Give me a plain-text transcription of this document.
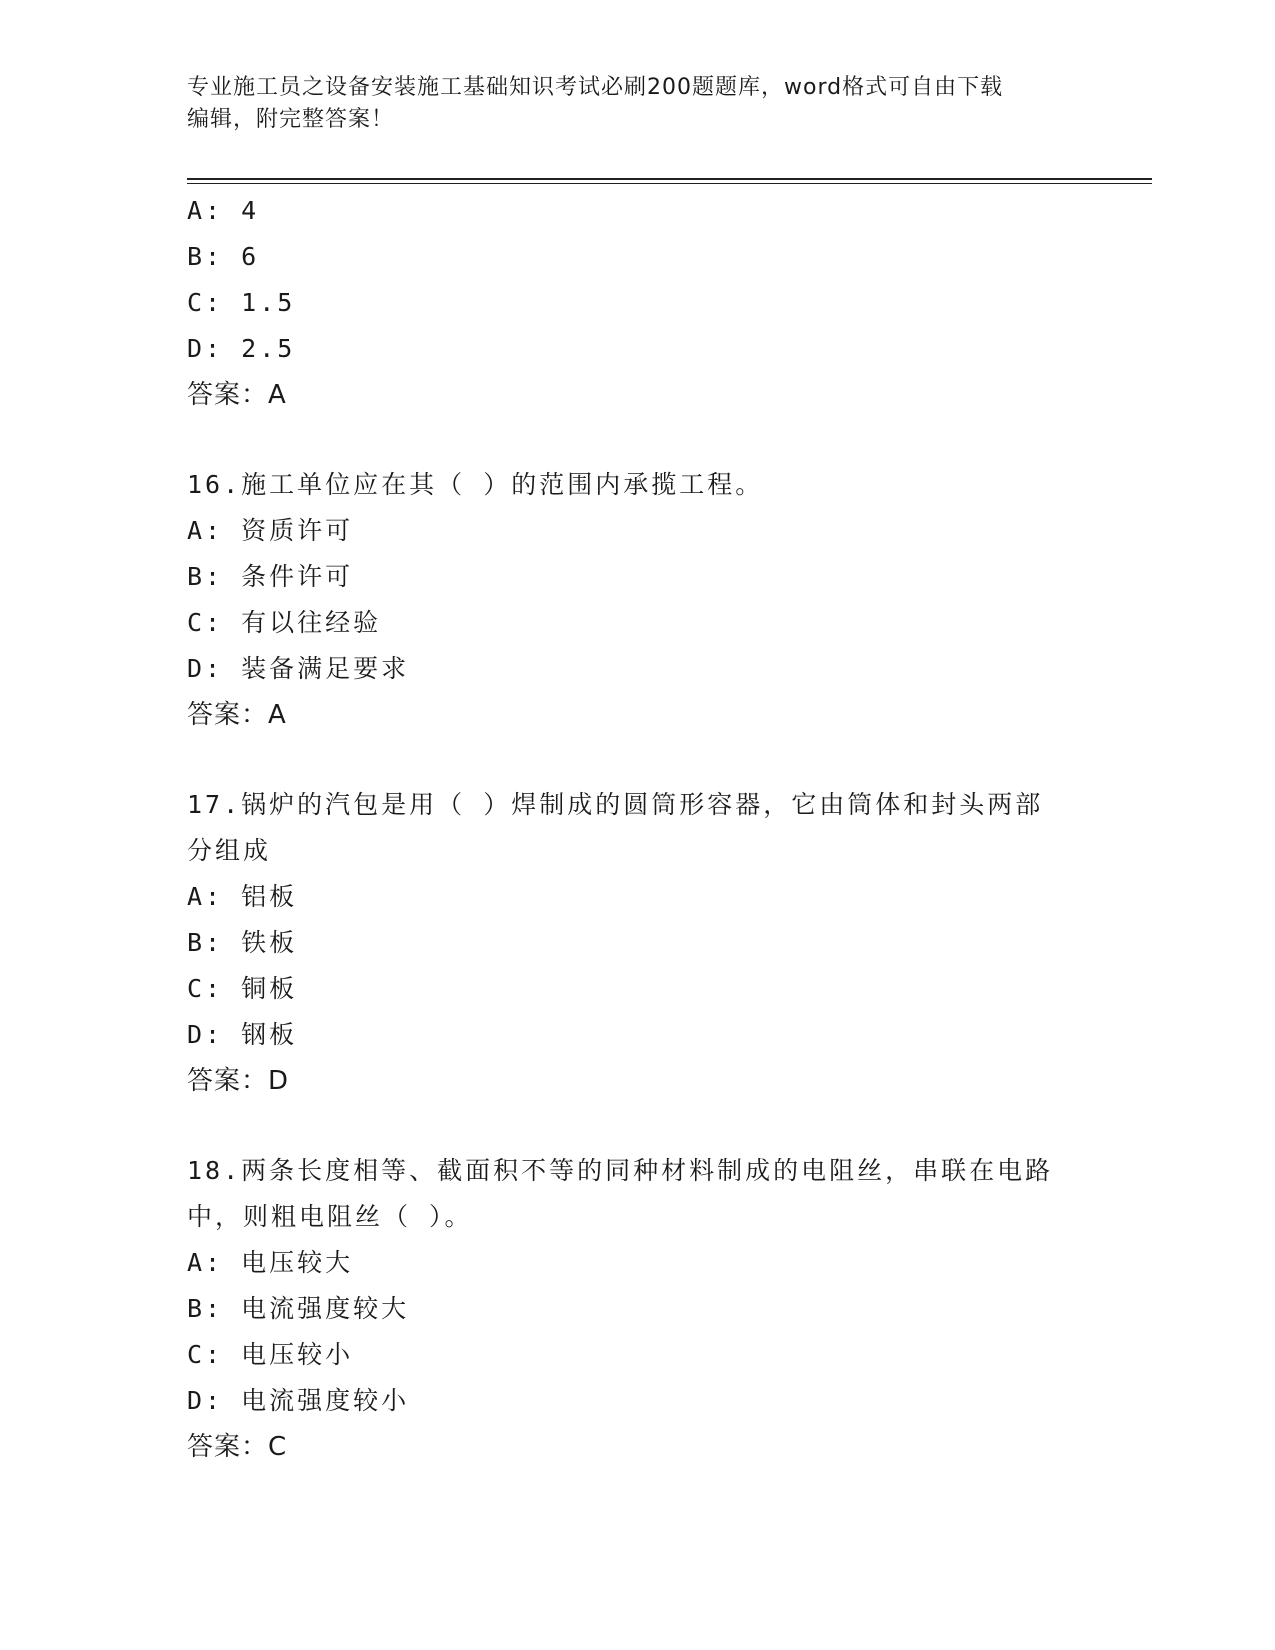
专业施工员之设备安装施工基础知识考试必刷200题题库，word格式可自由下载
编辑，附完整答案！
A: 4
B: 6
C: 1.5
D: 2.5
答案：A
16.施工单位应在其（ ）的范围内承揽工程。
A: 资质许可
B: 条件许可
C: 有以往经验
D: 装备满足要求
答案：A
17.锅炉的汽包是用（ ）焊制成的圆筒形容器，它由筒体和封头两部
分组成
A: 铝板
B: 铁板
C: 铜板
D: 钢板
答案：D
18.两条长度相等、截面积不等的同种材料制成的电阻丝，串联在电路
中，则粗电阻丝（ ）。
A: 电压较大
B: 电流强度较大
C: 电压较小
D: 电流强度较小
答案：C
